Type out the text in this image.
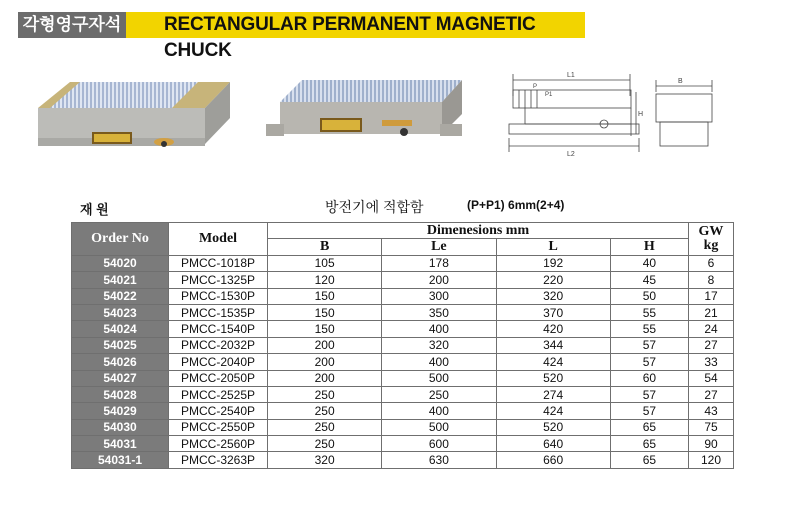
각형영구자석	RECTANGULAR PERMANENT MAGNETIC CHUCK
L1
P
P1
H
L2
B
재 원	방전기에 적합함	(P+P1) 6mm(2+4)
Order No	Model	Dimenesions mm				GW
kg
		B	Le	L	H	
54020	PMCC-1018P	105	178	192	40	6
54021	PMCC-1325P	120	200	220	45	8
54022	PMCC-1530P	150	300	320	50	17
54023	PMCC-1535P	150	350	370	55	21
54024	PMCC-1540P	150	400	420	55	24
54025	PMCC-2032P	200	320	344	57	27
54026	PMCC-2040P	200	400	424	57	33
54027	PMCC-2050P	200	500	520	60	54
54028	PMCC-2525P	250	250	274	57	27
54029	PMCC-2540P	250	400	424	57	43
54030	PMCC-2550P	250	500	520	65	75
54031	PMCC-2560P	250	600	640	65	90
54031-1	PMCC-3263P	320	630	660	65	120
